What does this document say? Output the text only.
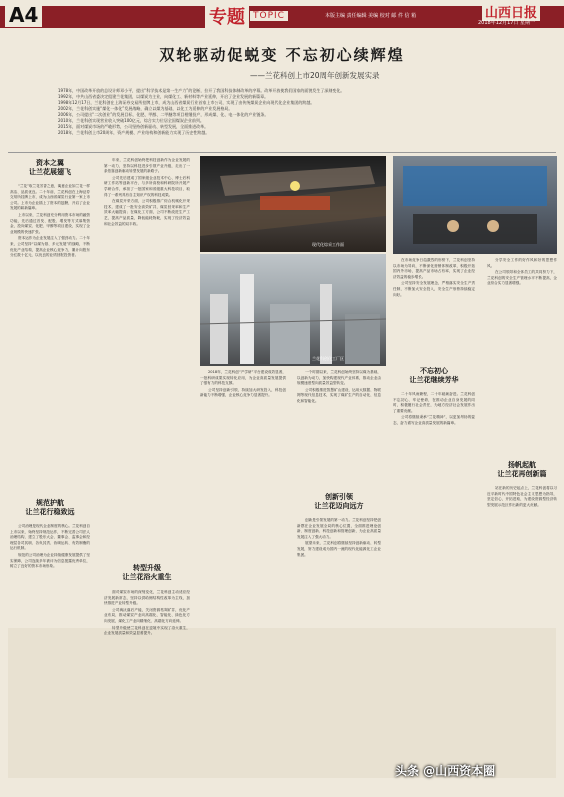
A4	专题 TOPIC	本版主编 责任编辑 美编 校对 邮 件 信 箱	山西日报
2018年12月17日 星期一
双轮驱动促蜕变 不忘初心续辉煌
——兰花科创上市20周年创新发展实录
1978年，中国改革开放的总设计师邓小平，提出“科学技术是第一生产力”的论断，拉开了我国科技体制改革的序幕。改革开放使我们国家的面貌发生了深刻变化。
1992年，中共山西省委决定组建兰花集团，以煤炭为主业，向煤化工、新材料等产业延伸，开启了企业发展的新篇章。
1998年12月17日，兰花科创在上海证券交易所挂牌上市，成为山西省煤炭行业首家上市公司，实现了由传统煤炭企业向现代化企业集团的跨越。
2002年，兰花科创实施“煤化一体化”发展战略，确立以煤为基础，以化工为延伸的产业发展格局。
2006年，公司提出“二次创业”的发展目标，化肥、甲醇、二甲醚等项目相继投产，形成煤、化、电一体化的产业链条。
2010年，兰花科创实现营业收入突破100亿元，综合实力位居全国煤炭企业前列。
2015年，面对煤炭市场的严峻形势，公司坚持创新驱动、转型发展，全面推进改革。
2018年，兰花科创上市20周年，资产规模、产业结构和创新能力实现了历史性跨越。
资本之翼
让兰花展翅飞

“兰花”取兰花芳香之意，寓意企业如兰花一样高洁、品质优良。二十年前，兰花科创在上海证券交易所挂牌上市，成为山西省煤炭行业第一家上市公司。上市为企业插上了资本的翅膀，开启了企业发展的崭新篇章。

上市以来，兰花科创充分利用资本市场的融资功能，先后通过首发、配股、增发等方式募集资金，投向煤炭、化肥、甲醇等项目建设，实现了企业规模的快速扩张。

资本运作为企业发展注入了强劲动力。二十年来，公司坚持“以煤为基、多元发展”的战略，不断优化产业结构，提高企业核心竞争力，累计向股东分红数十亿元，以优良的业绩回报投资者。

规范护航
让兰花行稳致远

公司治理是现代企业制度的核心。兰花科创自上市以来，始终坚持规范运作，不断完善公司法人治理结构，建立了股东大会、董事会、监事会和经理层各司其职、各负其责、协调运转、有效制衡的运行机制。

规范的公司治理为企业持续健康发展提供了坚实保障，公司连续多年被评为信息披露优秀单位，树立了良好的资本市场形象。

年来，兰花科创始终把科技创新作为企业发展的第一动力，坚持以科技进步引领产业升级，走出了一条依靠创新驱动转型发展的新路子。

公司先后建成了国家级企业技术中心、博士后科研工作站等创新平台，与多所高校和科研院所开展产学研合作，承担了一批国家和省级重大科技项目，取得了一系列具有自主知识产权的科技成果。

在煤炭开采方面，公司积极推广综合机械化开采技术，建成了一批安全高效矿井，煤炭回采率和生产效率大幅提高；在煤化工方面，公司不断改进生产工艺，提高产品质量，降低能耗物耗，实现了经济效益和社会效益的双丰收。

转型升级
让兰花浴火重生

面对煤炭市场的深刻变化，兰花科创主动适应经济发展新常态，坚持以供给侧结构性改革为主线，加快推进产业转型升级。

公司淘汰落后产能，关闭资源枯竭矿井，优化产业布局，推动煤炭产业向高端化、智能化、绿色化方向发展，煤化工产业向精细化、高端化方向延伸。

转型升级使兰花科创在逆境中实现了浴火重生，企业发展质量和效益显著提升。

现代化综采工作面
兰花科创化工厂区

2018年，兰花科创“产学研”平台建设成效显著，一批科研成果实现转化应用，为企业高质量发展提供了强有力的科技支撑。

公司坚持创新引领，持续加大研发投入，科技创新能力不断增强，企业核心竞争力显著提升。

一个时期以来，兰花科创始终坚持以煤为基础，以创新为动力，加快构建现代产业体系，推动企业由规模速度型向质量效益型转变。

公司积极推进智慧矿山建设，运用大数据、物联网等现代信息技术，实现了煤矿生产的自动化、信息化和智能化。

创新引领
让兰花迈向远方

创新是引领发展的第一动力。兰花科创坚持把创新摆在企业发展全局的核心位置，全面推进理论创新、制度创新、科技创新和管理创新，为企业高质量发展注入了强大动力。

展望未来，兰花科创将继续坚持创新驱动、转型发展，努力建设成为国内一流的现代化能源化工企业集团。

在市场竞争日趋激烈的形势下，兰花科创坚持以市场为导向，不断深化营销体制改革，积极开拓国内外市场，提高产品市场占有率，实现了企业经济效益的稳步增长。

公司坚持安全发展理念，严格落实安全生产责任制，不断加大安全投入，安全生产形势持续稳定向好。

不忘初心
让兰花继续芳华

二十年风雨兼程，二十年砥砺奋进。兰花科创不忘初心、牢记使命，在推动企业自身发展的同时，积极履行社会责任，为地方经济社会发展作出了重要贡献。

公司将继续秉承“兰花精神”，以更加昂扬的姿态，奋力谱写企业高质量发展的新篇章。

分学安全工作的好作风和好的思想作风。

在公司领导和全体员工的共同努力下，兰花科创的安全生产管理水平不断提高，企业综合实力显著增强。

扬帆起航
让兰花再创新篇

站在新的历史起点上，兰花科创将以习近平新时代中国特色社会主义思想为指导，坚定信心，开拓进取，为建设资源型经济转型发展示范区作出新的更大贡献。

头条 @山西资本圈
